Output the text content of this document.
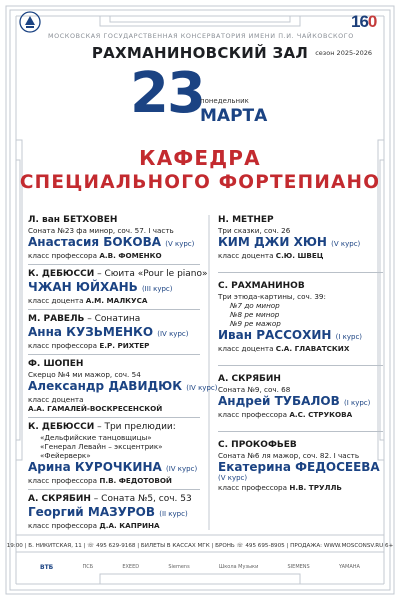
МОСКОВСКАЯ ГОСУДАРСТВЕННАЯ КОНСЕРВАТОРИЯ ИМЕНИ П.И. ЧАЙКОВСКОГО
160
РАХМАНИНОВСКИЙ ЗАЛ	сезон 2025-2026
23
понедельник
МАРТА
КАФЕДРА
СПЕЦИАЛЬНОГО ФОРТЕПИАНО
Л. ван БЕТХОВЕН
Соната №23 фа минор, соч. 57. I часть
Анастасия БОКОВА (V курс)
класс профессора А.В. ФОМЕНКО
К. ДЕБЮССИ – Сюита «Pour le piano»
ЧЖАН ЮЙХАНЬ (III курс)
класс доцента А.М. МАЛКУСА
М. РАВЕЛЬ – Сонатина
Анна КУЗЬМЕНКО (IV курс)
класс профессора Е.Р. РИХТЕР
Ф. ШОПЕН
Скерцо №4 ми мажор, соч. 54
Александр ДАВИДЮК (IV курс)
класс доцента
А.А. ГАМАЛЕЙ-ВОСКРЕСЕНСКОЙ
К. ДЕБЮССИ – Три прелюдии:
«Дельфийские танцовщицы»
«Генерал Левайн – эксцентрик»
«Фейерверк»
Арина КУРОЧКИНА (IV курс)
класс профессора П.В. ФЕДОТОВОЙ
А. СКРЯБИН – Соната №5, соч. 53
Георгий МАЗУРОВ (II курс)
класс профессора Д.А. КАПРИНА
Н. МЕТНЕР
Три сказки, соч. 26
КИМ ДЖИ ХЮН (V курс)
класс доцента С.Ю. ШВЕЦ
С. РАХМАНИНОВ
Три этюда-картины, соч. 39:
№7 до минор
№8 ре минор
№9 ре мажор
Иван РАССОХИН (I курс)
класс доцента С.А. ГЛАВАТСКИХ
А. СКРЯБИН
Соната №9, соч. 68
Андрей ТУБАЛОВ (I курс)
класс профессора А.С. СТРУКОВА
С. ПРОКОФЬЕВ
Соната №6 ля мажор, соч. 82. I часть
Екатерина ФЕДОСЕЕВА
(V курс)
класс профессора Н.В. ТРУЛЛЬ
19:00 | Б. НИКИТСКАЯ, 11 | ☏ 495 629-9168 | БИЛЕТЫ В КАССАХ МГК | БРОНЬ ☏ 495 695-8905 | ПРОДАЖА: WWW.MOSCONSV.RU 6+
ВТБ	ПСБ	EXEED	Siemens	Школа Музыки	SIEMENS	YAMAHA
